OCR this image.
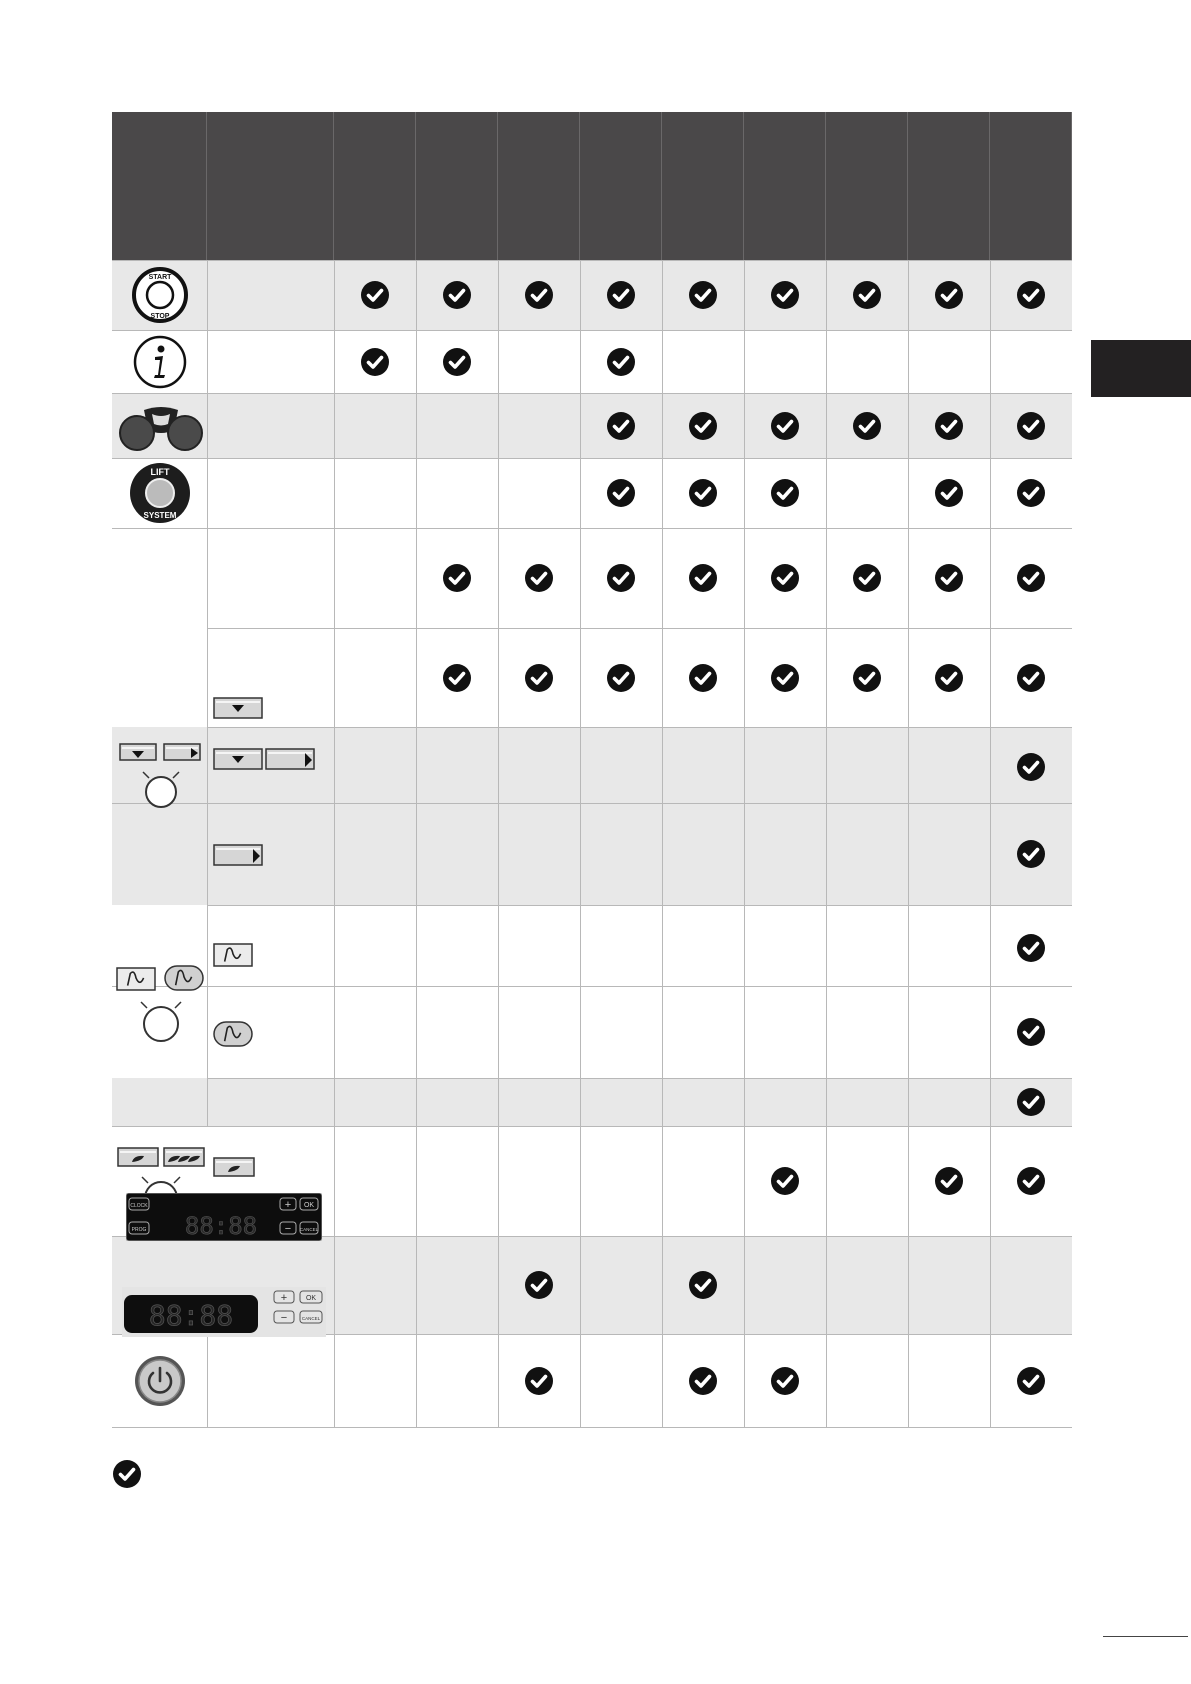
START
STOP
LIFT
SYSTEM
CLOCK
PROG 88:88
+ OK
− CANCEL
88:88
+	OK
−	CANCEL
